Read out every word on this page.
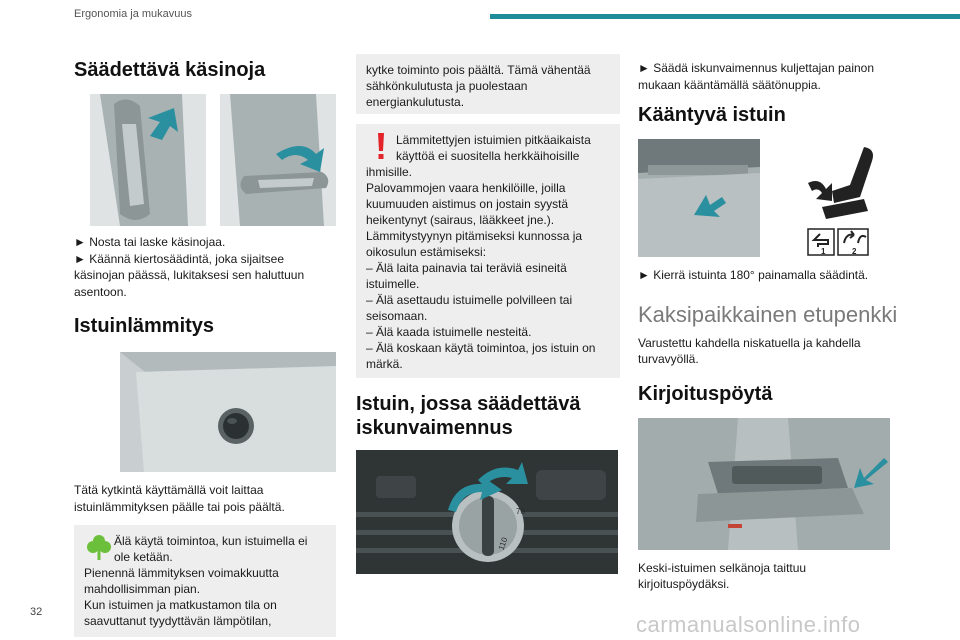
Ergonomia ja mukavuus
Säädettävä käsinoja

► Nosta tai laske käsinojaa.
► Käännä kiertosäädintä, joka sijaitsee käsinojan päässä, lukitaksesi sen haluttuun asentoon.

Istuinlämmitys

Tätä kytkintä käyttämällä voit laittaa istuinlämmityksen päälle tai pois päältä.

Älä käytä toimintoa, kun istuimella ei ole ketään.
Pienennä lämmityksen voimakkuutta mahdollisimman pian.
Kun istuimen ja matkustamon tila on saavuttanut tyydyttävän lämpötilan,
kytke toiminto pois päältä. Tämä vähentää sähkönkulutusta ja puolestaan energiankulutusta.
Lämmitettyjen istuimien pitkäaikaista käyttöä ei suositella herkkäihoisille
ihmisille.
Palovammojen vaara henkilöille, joilla kuumuuden aistimus on jostain syystä heikentynyt (sairaus, lääkkeet jne.).
Lämmitystyynyn pitämiseksi kunnossa ja oikosulun estämiseksi:
– Älä laita painavia tai teräviä esineitä istuimelle.
– Älä asettaudu istuimelle polvilleen tai seisomaan.
– Älä kaada istuimelle nesteitä.
– Älä koskaan käytä toimintoa, jos istuin on märkä.
Istuin, jossa säädettävä iskunvaimennus
70
110

► Säädä iskunvaimennus kuljettajan painon mukaan kääntämällä säätönuppia.

Kääntyvä istuin
1	2

► Kierrä istuinta 180° painamalla säädintä.

Kaksipaikkainen etupenkki

Varustettu kahdella niskatuella ja kahdella turvavyöllä.

Kirjoituspöytä

Keski-istuimen selkänoja taittuu kirjoituspöydäksi.

32	carmanualsonline.info
